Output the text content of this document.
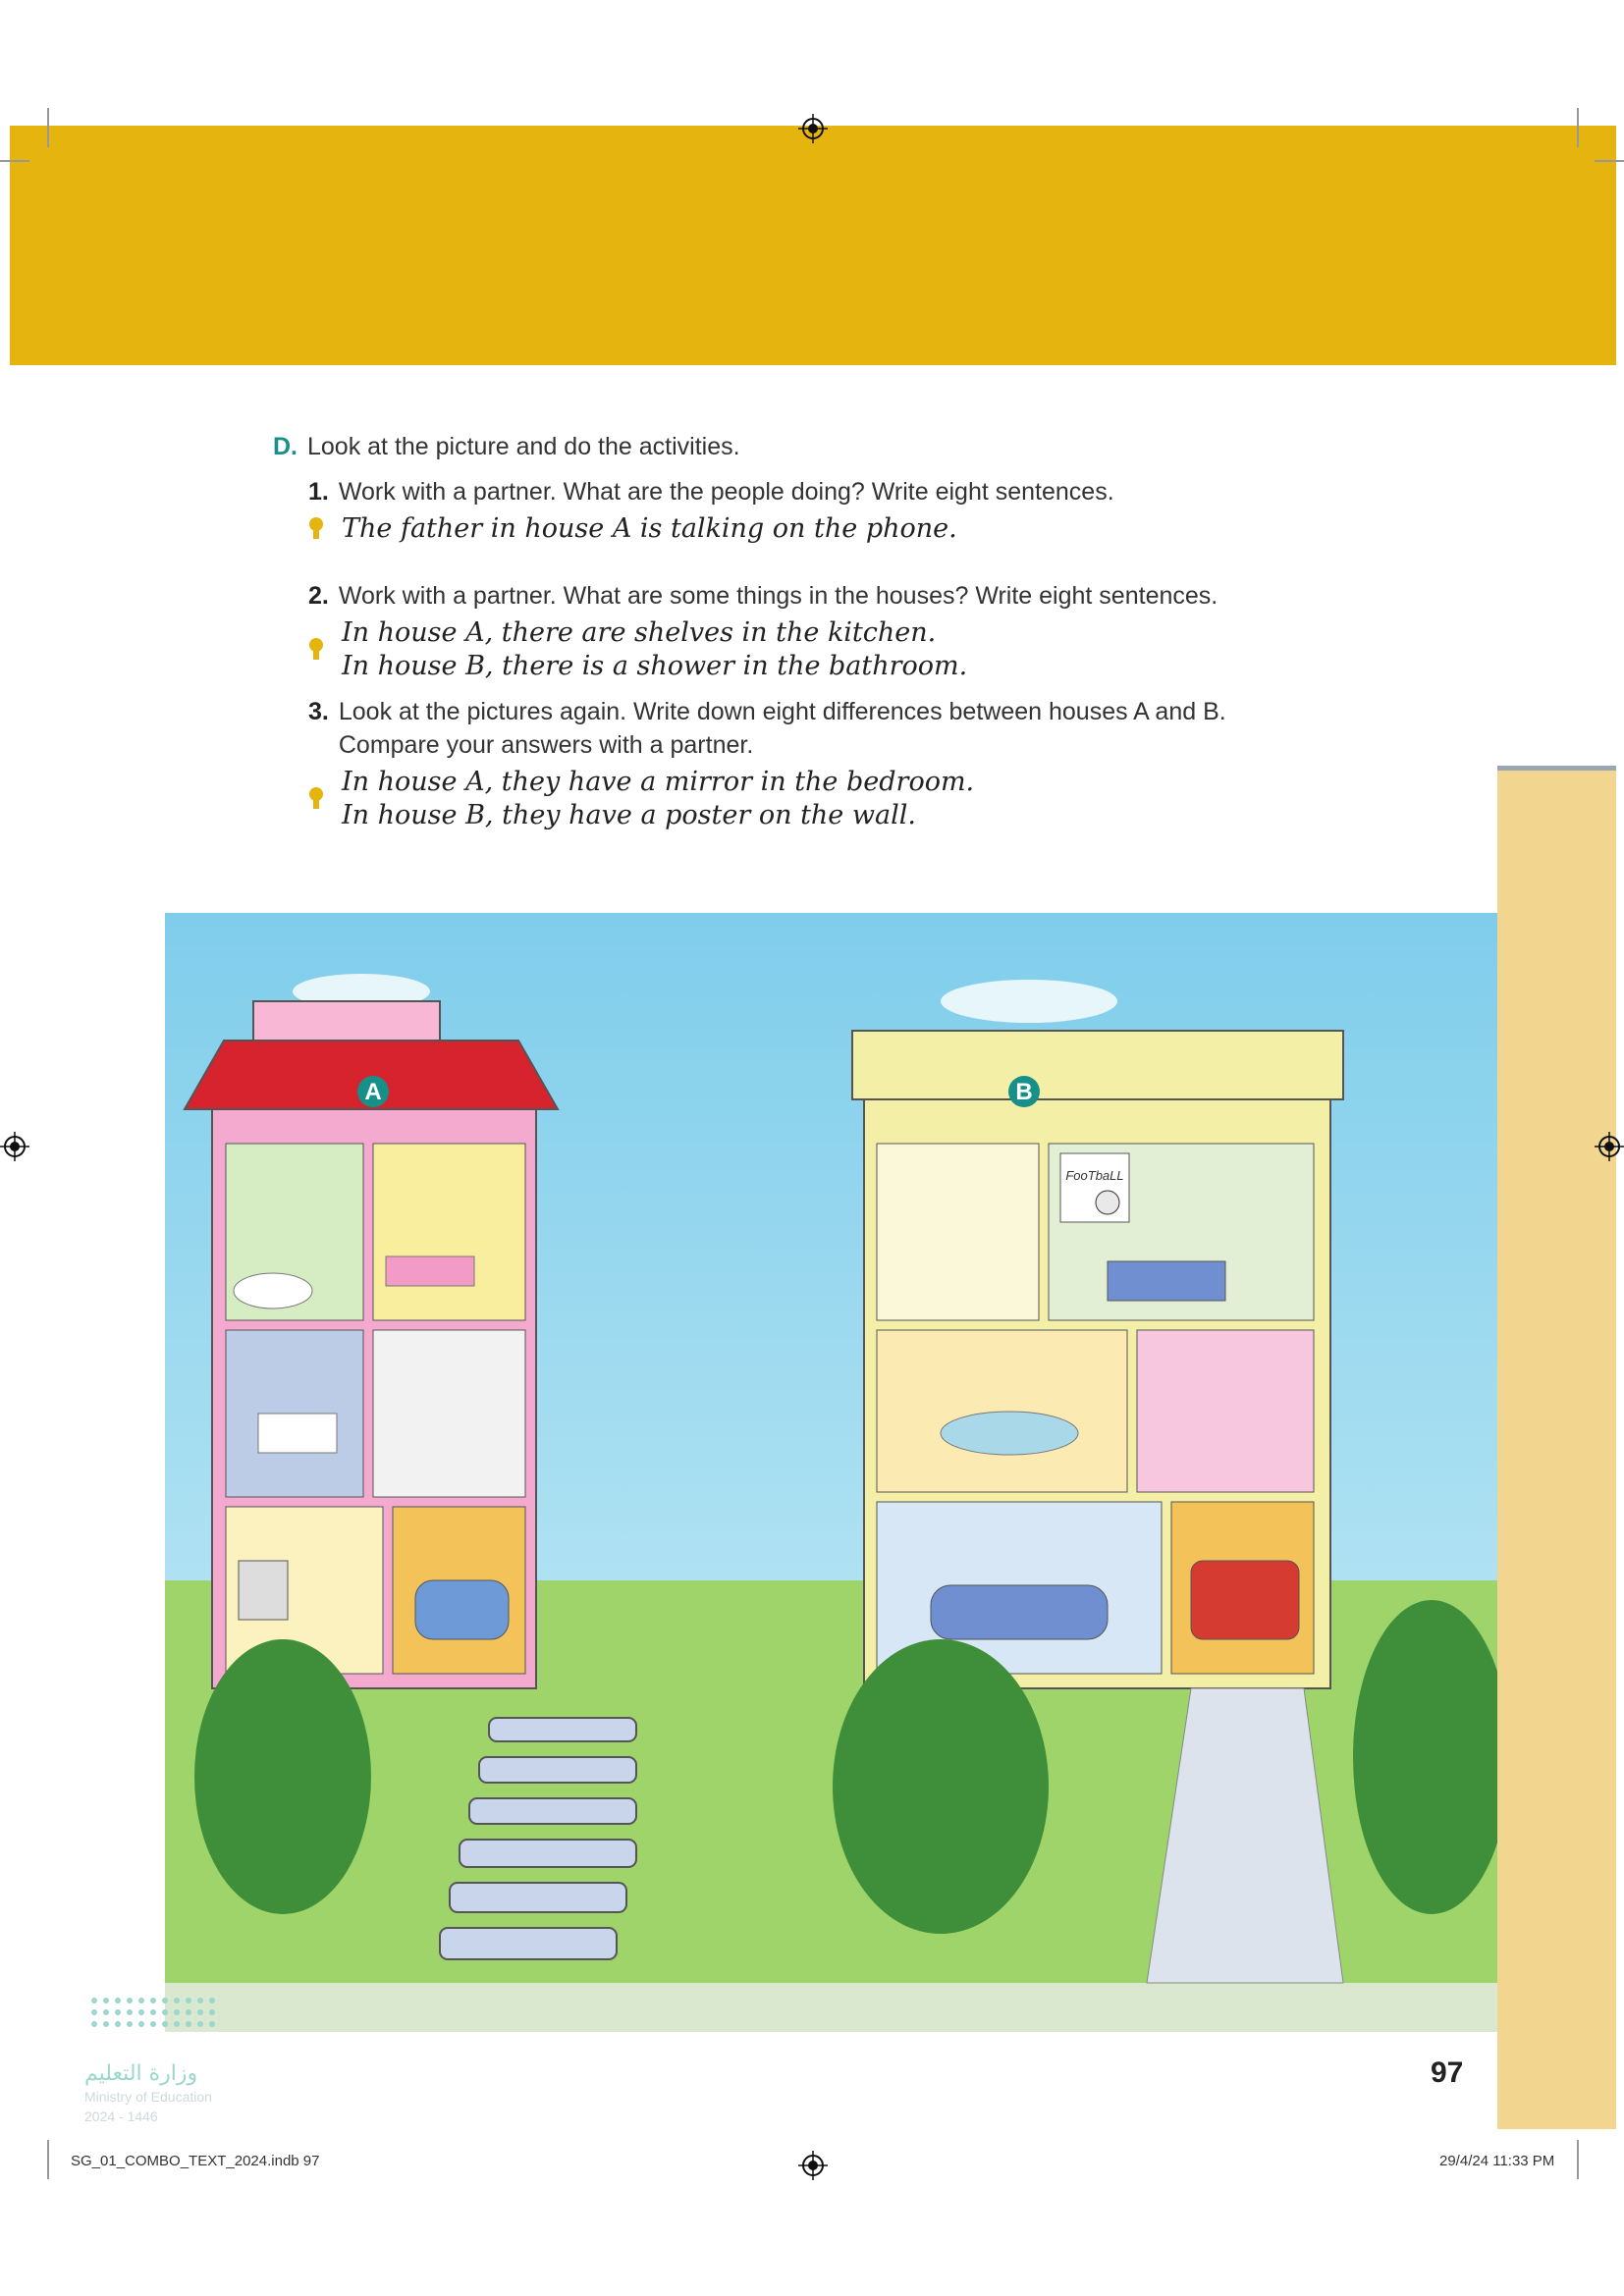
D. Look at the picture and do the activities.
1. Work with a partner. What are the people doing? Write eight sentences.
The father in house A is talking on the phone.
2. Work with a partner. What are some things in the houses? Write eight sentences.
In house A, there are shelves in the kitchen.
In house B, there is a shower in the bathroom.
3. Look at the pictures again. Write down eight differences between houses A and B.
Compare your answers with a partner.
In house A, they have a mirror in the bedroom.
In house B, they have a poster on the wall.
A
FooTbaLL
B
97
وزارة التعليم
Ministry of Education
2024 - 1446
SG_01_COMBO_TEXT_2024.indb 97	29/4/24 11:33 PM
